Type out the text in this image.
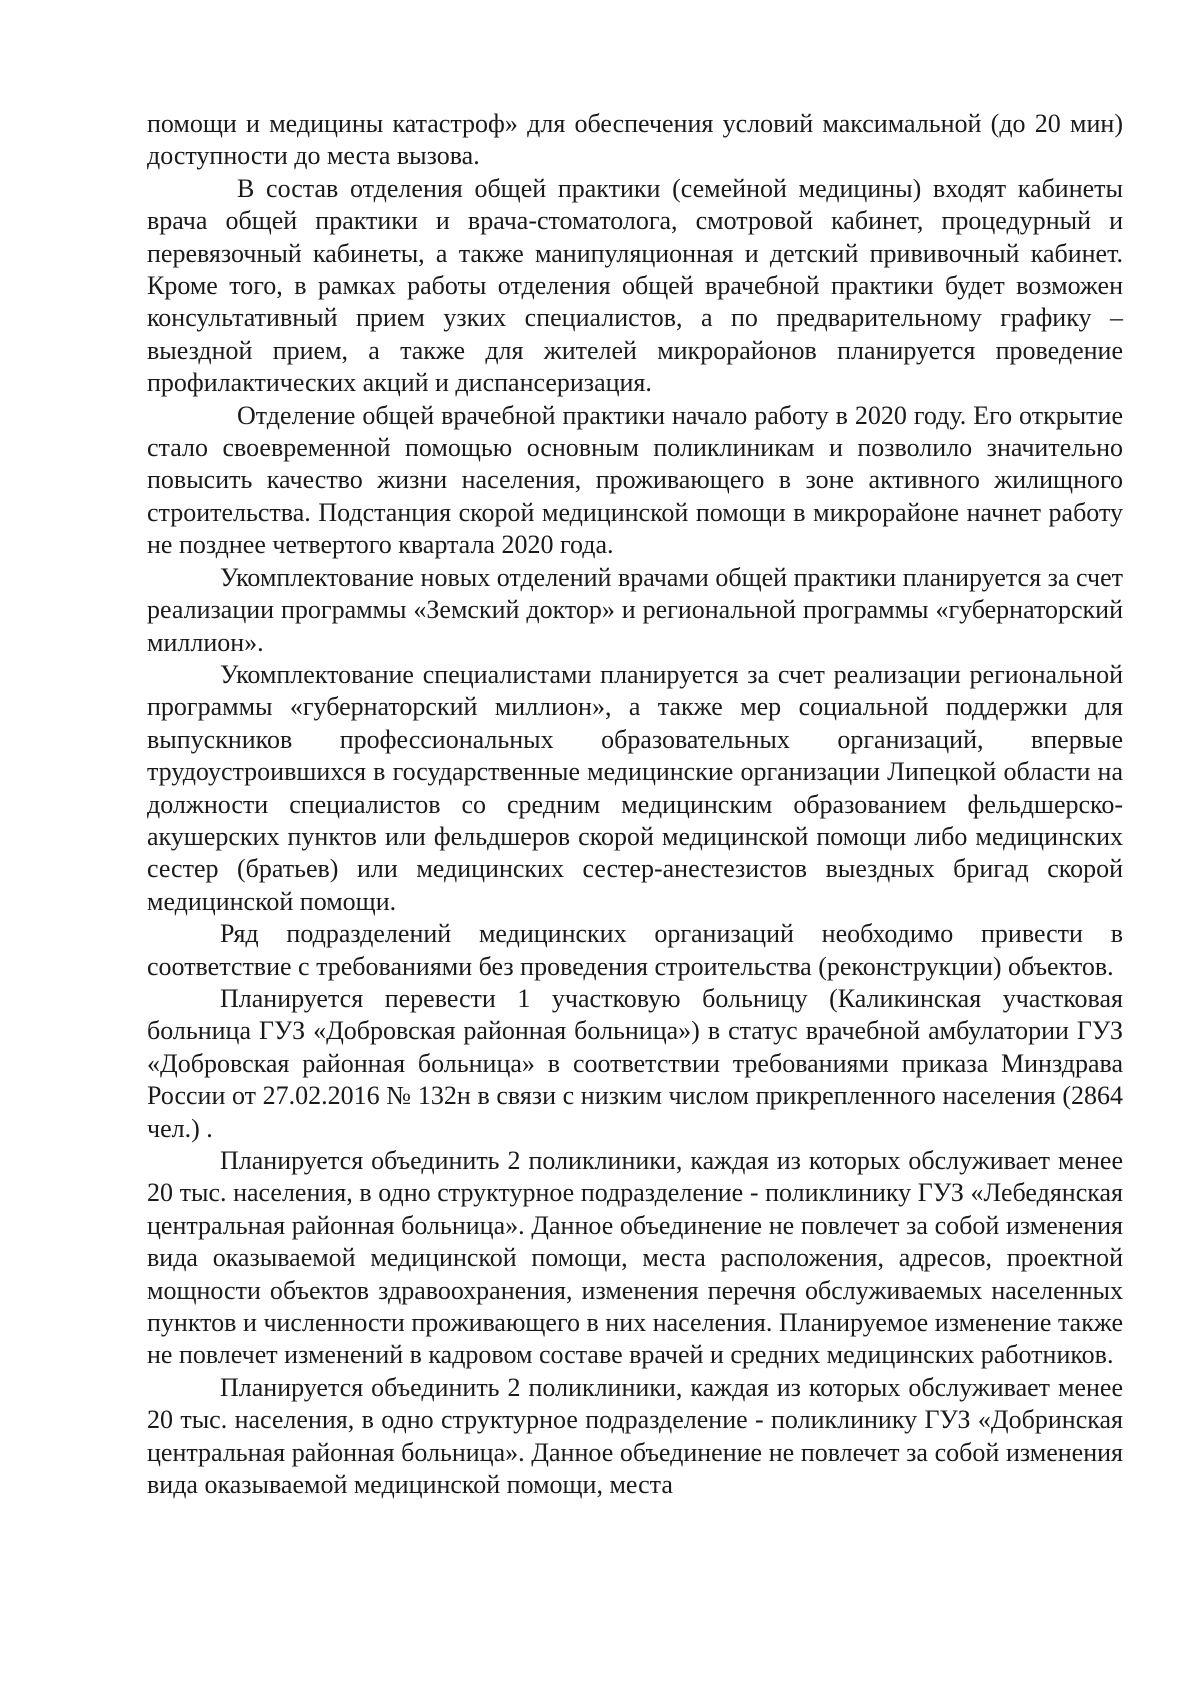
помощи и медицины катастроф» для обеспечения условий максимальной (до 20 мин) доступности до места вызова.

В состав отделения общей практики (семейной медицины) входят кабинеты врача общей практики и врача-стоматолога, смотровой кабинет, процедурный и перевязочный кабинеты, а также манипуляционная и детский прививочный кабинет. Кроме того, в рамках работы отделения общей врачебной практики будет возможен консультативный прием узких специалистов, а по предварительному графику – выездной прием, а также для жителей микрорайонов планируется проведение профилактических акций и диспансеризация.

Отделение общей врачебной практики начало работу в 2020 году. Его открытие стало своевременной помощью основным поликлиникам и позволило значительно повысить качество жизни населения, проживающего в зоне активного жилищного строительства. Подстанция скорой медицинской помощи в микрорайоне начнет работу не позднее четвертого квартала 2020 года.

Укомплектование новых отделений врачами общей практики планируется за счет реализации программы «Земский доктор» и региональной программы «губернаторский миллион».

Укомплектование специалистами планируется за счет реализации региональной программы «губернаторский миллион», а также мер социальной поддержки для выпускников профессиональных образовательных организаций, впервые трудоустроившихся в государственные медицинские организации Липецкой области на должности специалистов со средним медицинским образованием фельдшерско-акушерских пунктов или фельдшеров скорой медицинской помощи либо медицинских сестер (братьев) или медицинских сестер-анестезистов выездных бригад скорой медицинской помощи.

Ряд подразделений медицинских организаций необходимо привести в соответствие с требованиями без проведения строительства (реконструкции) объектов.

Планируется перевести 1 участковую больницу (Каликинская участковая больница ГУЗ «Добровская районная больница») в статус врачебной амбулатории ГУЗ «Добровская районная больница» в соответствии требованиями приказа Минздрава России от 27.02.2016 № 132н в связи с низким числом прикрепленного населения (2864 чел.) .

Планируется объединить 2 поликлиники, каждая из которых обслуживает менее 20 тыс. населения, в одно структурное подразделение - поликлинику ГУЗ «Лебедянская центральная районная больница». Данное объединение не повлечет за собой изменения вида оказываемой медицинской помощи, места расположения, адресов, проектной мощности объектов здравоохранения, изменения перечня обслуживаемых населенных пунктов и численности проживающего в них населения. Планируемое изменение также не повлечет изменений в кадровом составе врачей и средних медицинских работников.

Планируется объединить 2 поликлиники, каждая из которых обслуживает менее 20 тыс. населения, в одно структурное подразделение - поликлинику ГУЗ «Добринская центральная районная больница». Данное объединение не повлечет за собой изменения вида оказываемой медицинской помощи, места
